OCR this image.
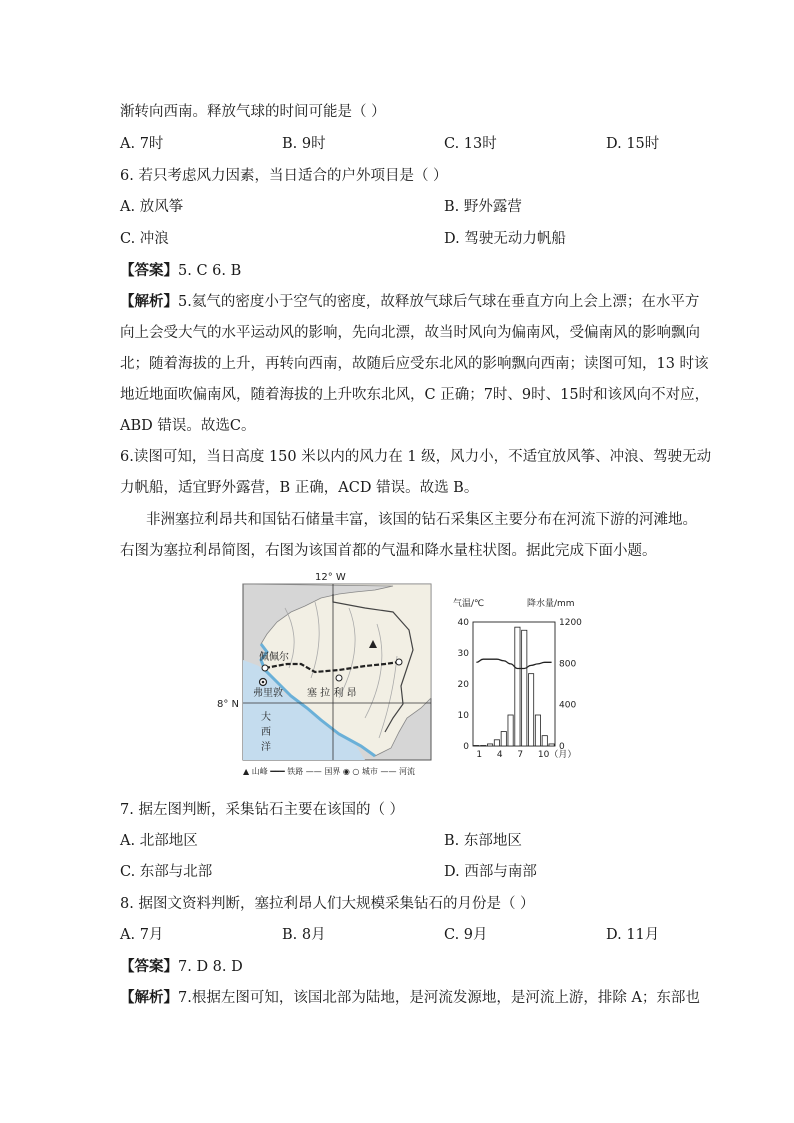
渐转向西南。释放气球的时间可能是（ ）
A. 7时	B. 9时	C. 13时	D. 15时
6. 若只考虑风力因素，当日适合的户外项目是（ ）
A. 放风筝	B. 野外露营
C. 冲浪	D. 驾驶无动力帆船
【答案】5. C 6. B
【解析】5.氦气的密度小于空气的密度，故释放气球后气球在垂直方向上会上漂；在水平方
向上会受大气的水平运动风的影响，先向北漂，故当时风向为偏南风，受偏南风的影响飘向
北；随着海拔的上升，再转向西南，故随后应受东北风的影响飘向西南；读图可知，13 时该
地近地面吹偏南风，随着海拔的上升吹东北风，C 正确；7时、9时、15时和该风向不对应，
ABD 错误。故选C。
6.读图可知，当日高度 150 米以内的风力在 1 级，风力小，不适宜放风筝、冲浪、驾驶无动
力帆船，适宜野外露营，B 正确，ACD 错误。故选 B。
非洲塞拉利昂共和国钻石储量丰富，该国的钻石采集区主要分布在河流下游的河滩地。
右图为塞拉利昂简图，右图为该国首都的气温和降水量柱状图。据此完成下面小题。
12° W
8° N
佩佩尔
弗里敦 塞 拉 利 昂
大
西
洋
▲ 山峰 ━━━ 铁路 —— 国界 ◉ ○ 城市 —— 河流
气温/℃	降水量/mm
40
30
20
10
0
1200
800
400
0
1 4 7 10（月）
7. 据左图判断，采集钻石主要在该国的（ ）
A. 北部地区	B. 东部地区
C. 东部与北部	D. 西部与南部
8. 据图文资料判断，塞拉利昂人们大规模采集钻石的月份是（ ）
A. 7月	B. 8月	C. 9月	D. 11月
【答案】7. D 8. D
【解析】7.根据左图可知，该国北部为陆地，是河流发源地，是河流上游，排除 A；东部也
